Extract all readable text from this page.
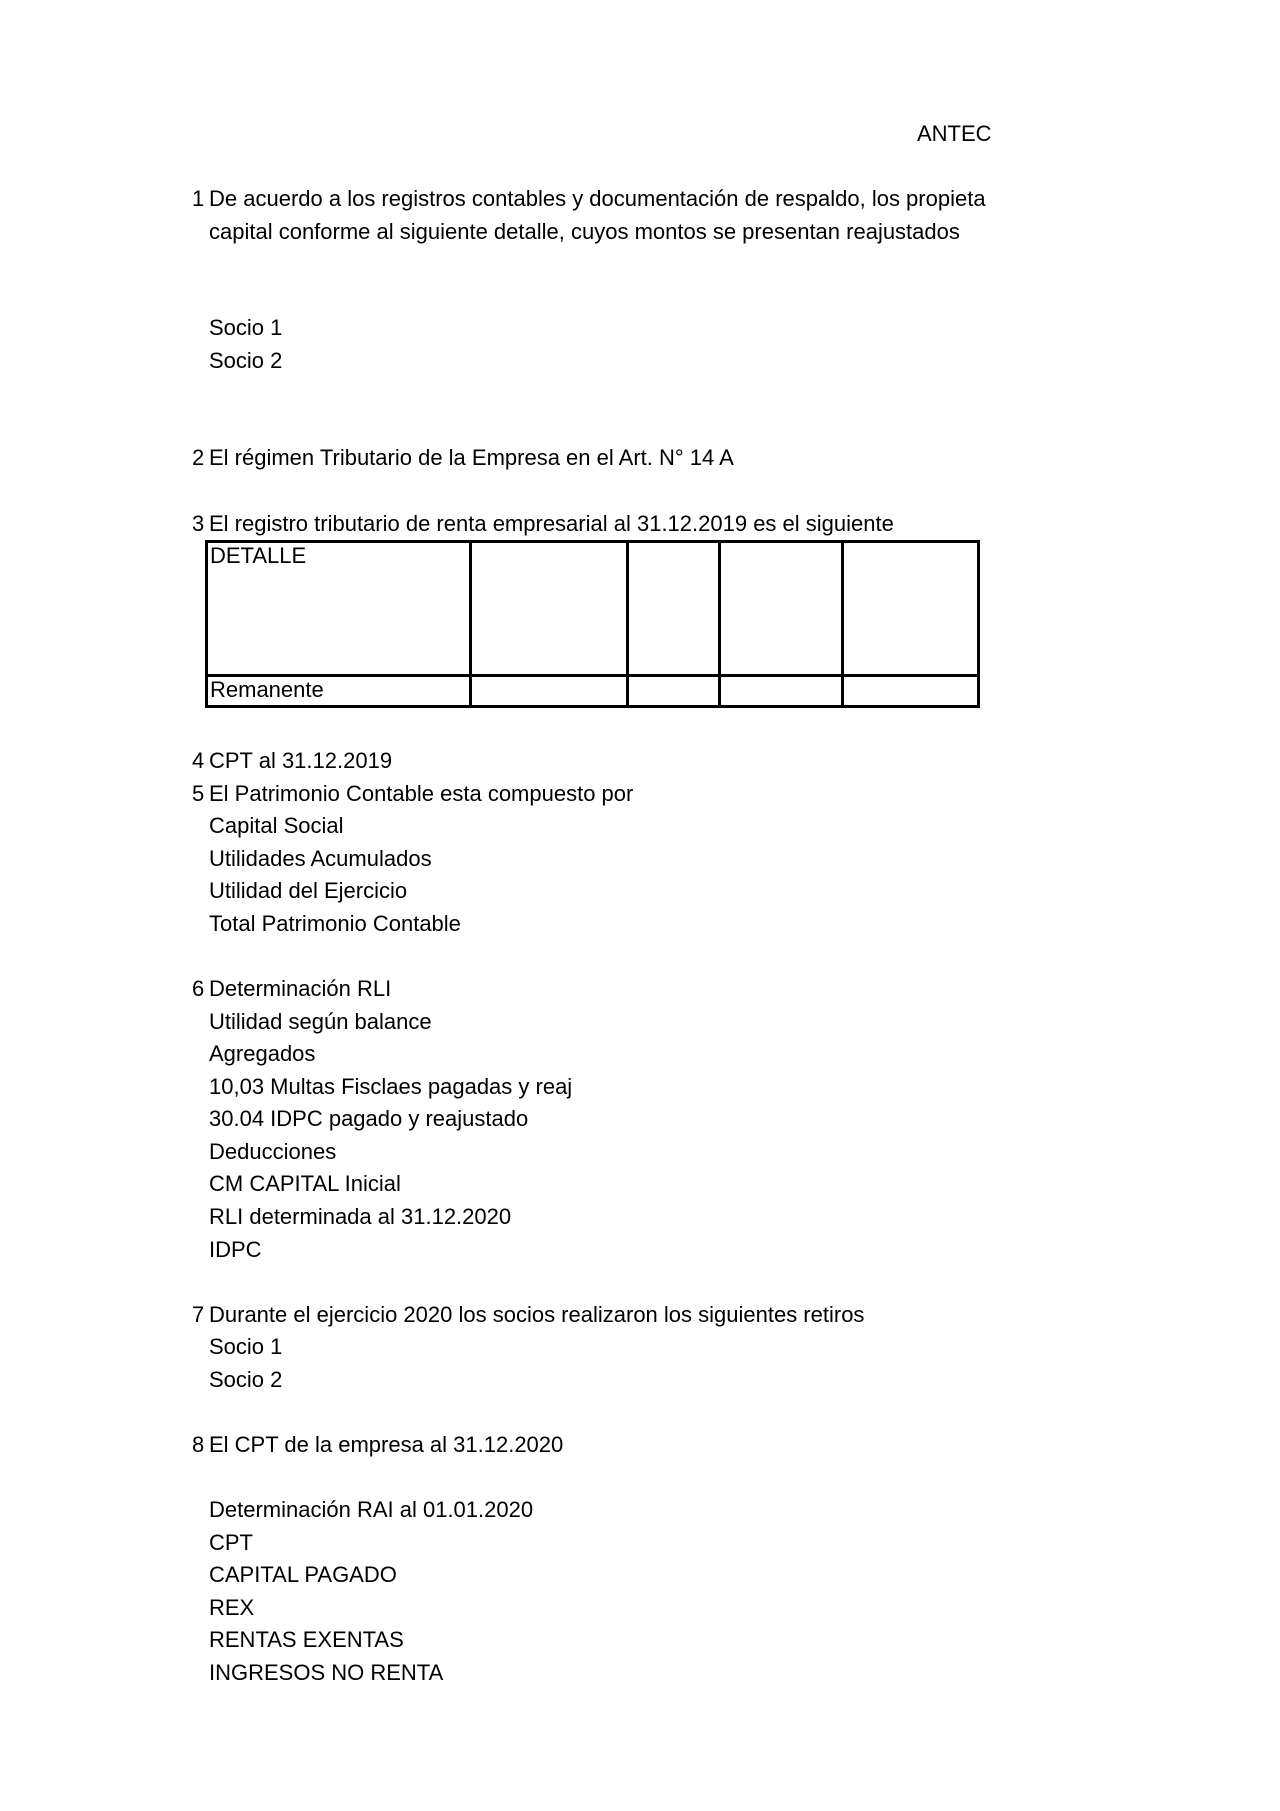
ANTEC
1 De acuerdo a los registros contables y documentación de respaldo, los propieta
capital conforme al siguiente detalle, cuyos montos se presentan reajustados
Socio 1
Socio 2
2 El régimen Tributario de la Empresa en el Art. N° 14 A
3 El registro tributario de renta empresarial al 31.12.2019 es el siguiente
DETALLE				
Remanente				
4 CPT al 31.12.2019
5 El Patrimonio Contable esta compuesto por
Capital Social
Utilidades Acumulados
Utilidad del Ejercicio
Total Patrimonio Contable
6 Determinación RLI
Utilidad según balance
Agregados
10,03 Multas Fisclaes pagadas y reaj
30.04 IDPC pagado y reajustado
Deducciones
CM CAPITAL Inicial
RLI determinada al 31.12.2020
IDPC
7 Durante el ejercicio 2020 los socios realizaron los siguientes retiros
Socio 1
Socio 2
8 El CPT de la empresa al 31.12.2020
Determinación RAI al 01.01.2020
CPT
CAPITAL PAGADO
REX
RENTAS EXENTAS
INGRESOS NO RENTA
